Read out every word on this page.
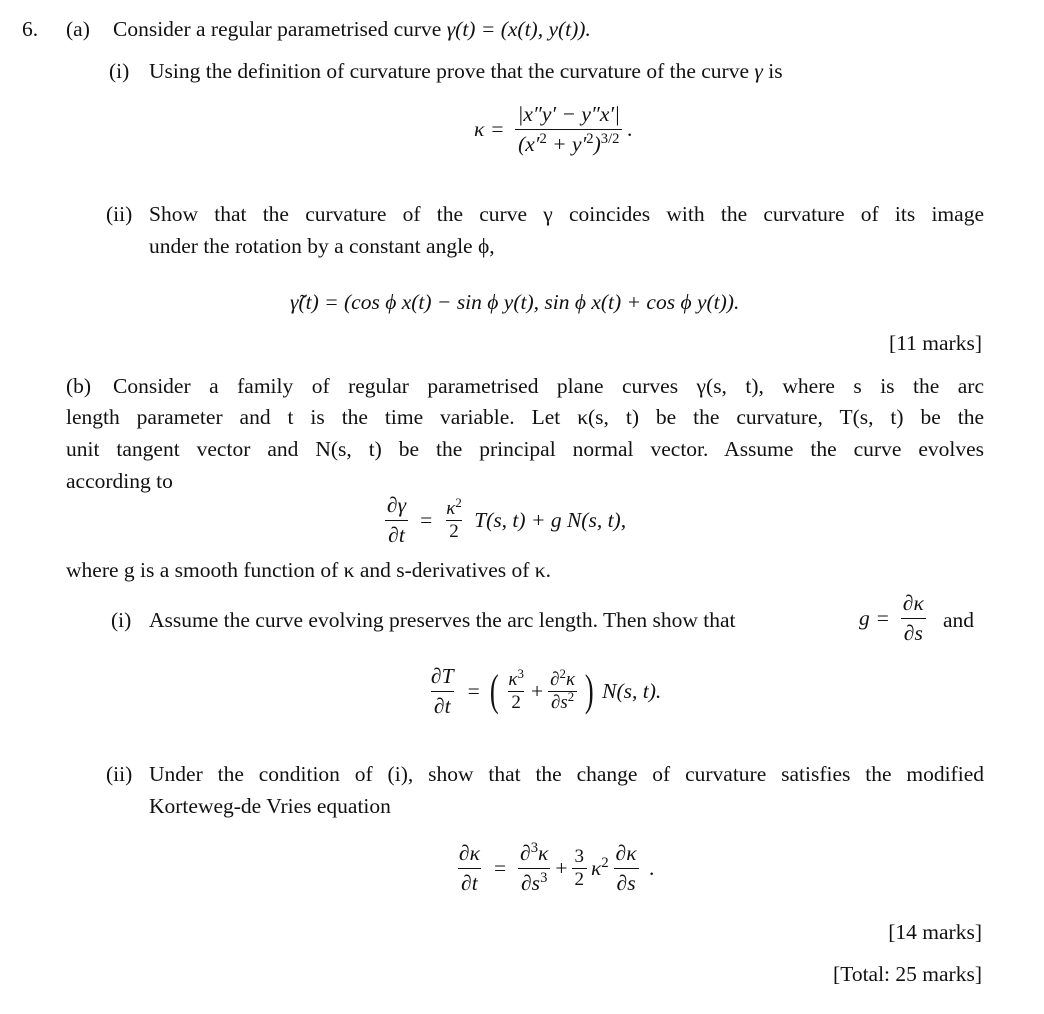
6. (a) Consider a regular parametrised curve γ(t) = (x(t), y(t)).
(i) Using the definition of curvature prove that the curvature of the curve γ is
$\kappa = \frac{|x''y' - y''x'|}{(x'^2 + y'^2)^{3/2}}$ .
(ii) Show that the curvature of the curve γ coincides with the curvature of its image
under the rotation by a constant angle ϕ,
γ̃(t) = (cos ϕ x(t) − sin ϕ y(t), sin ϕ x(t) + cos ϕ y(t)).
[11 marks]
(b) Consider a family of regular parametrised plane curves γ(s, t), where s is the arc
length parameter and t is the time variable. Let κ(s, t) be the curvature, T(s, t) be the
unit tangent vector and N(s, t) be the principal normal vector. Assume the curve evolves
according to
$\frac{\partial\gamma}{\partial t} = \frac{\kappa^2}{2} T(s$, t) + g N(s, t),
where g is a smooth function of κ and s-derivatives of κ.
(i) Assume the curve evolving preserves the arc length. Then show that	$g = \frac{\partial\kappa}{\partial s}$ and
$\frac{\partial T}{\partial t}$ = ( $\frac{\kappa^3}{2} + \frac{\partial^2\kappa}{\partial s^2}$ ) N(s, t).
(ii) Under the condition of (i), show that the change of curvature satisfies the modified
Korteweg-de Vries equation
$\frac{\partial\kappa}{\partial t} = \frac{\partial^3\kappa}{\partial s^3} + \frac{3}{2} \kappa^2 \frac{\partial\kappa}{\partial s}$ .
[14 marks]
[Total: 25 marks]
